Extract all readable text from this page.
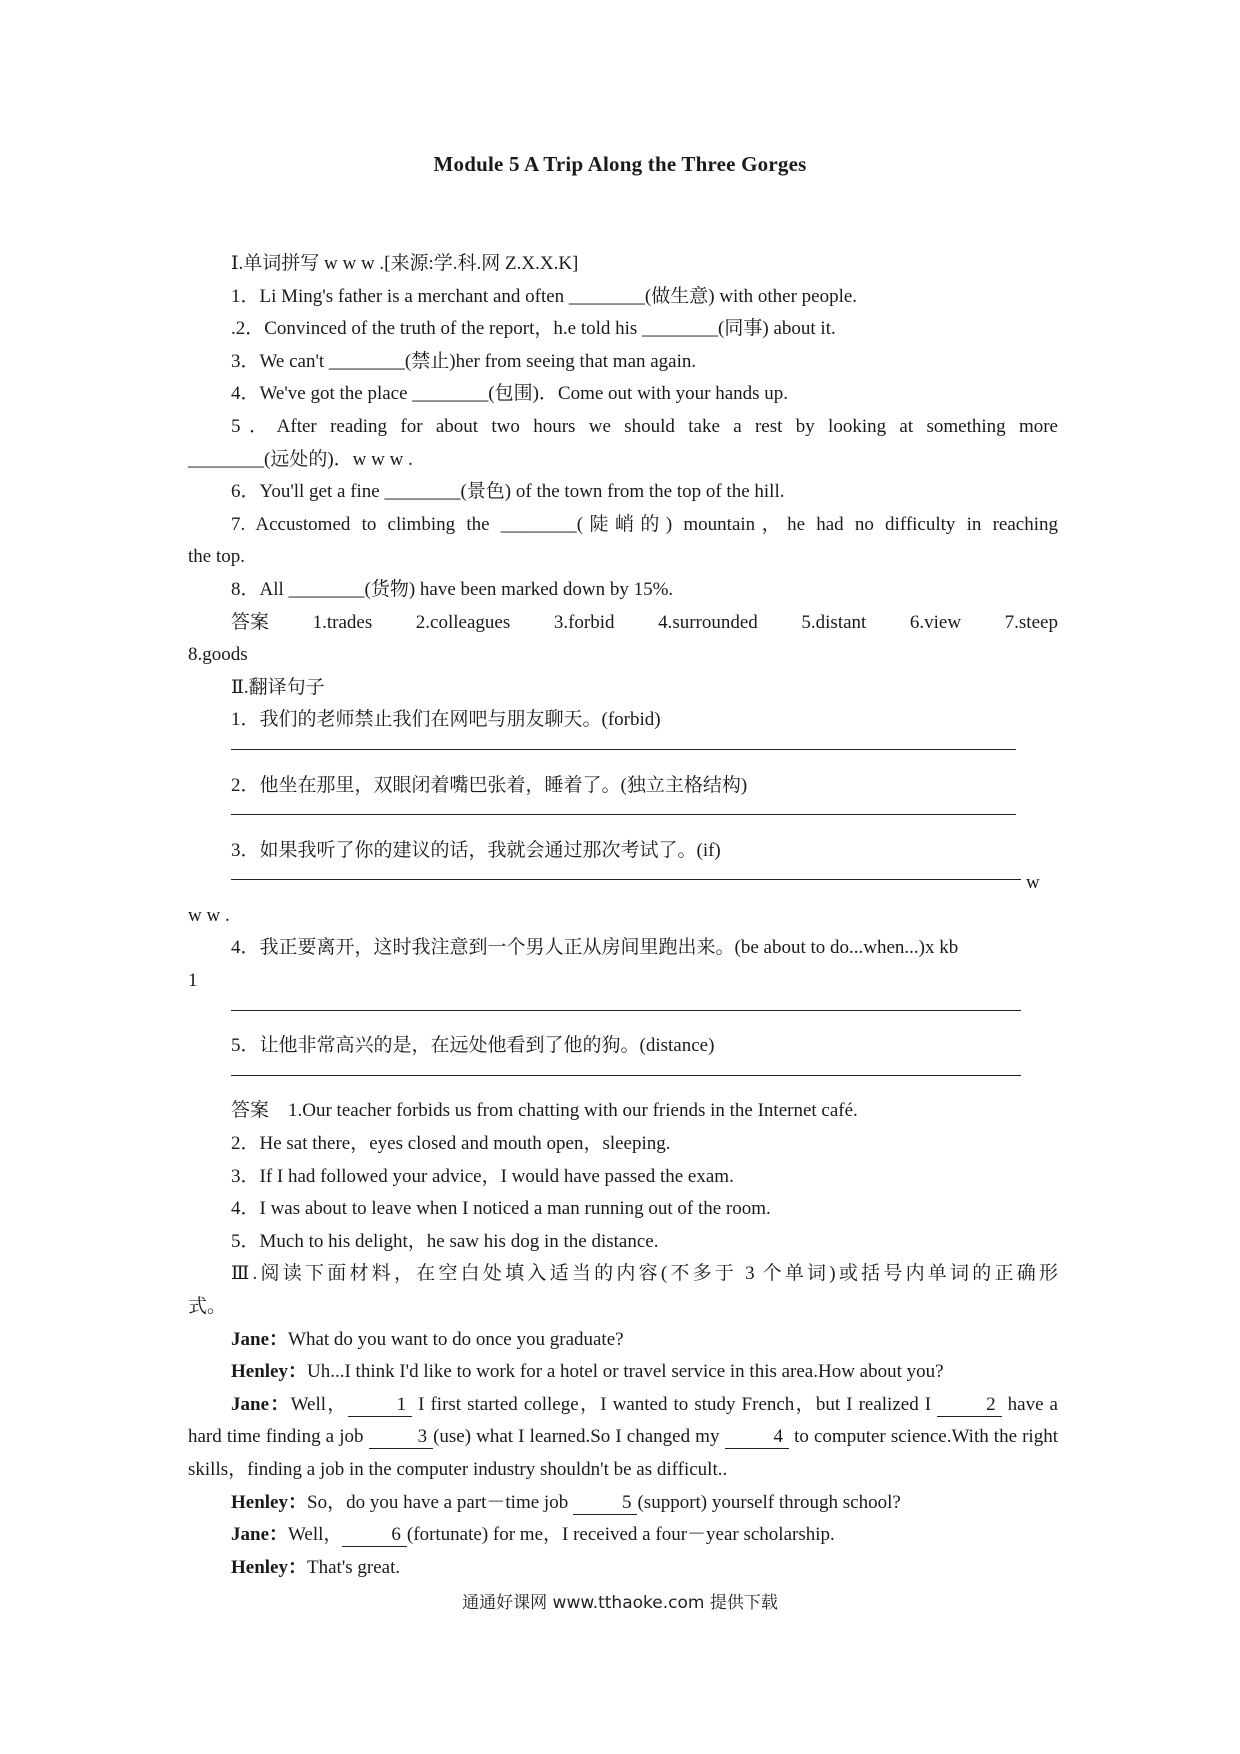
Module 5 A Trip Along the Three Gorges

Ⅰ.单词拼写 w w w .[来源:学.科.网 Z.X.X.K]

1．Li Ming's father is a merchant and often ________(做生意) with other people.

.2．Convinced of the truth of the report，h.e told his ________(同事) about it.

3．We can't ________(禁止)her from seeing that man again.

4．We've got the place ________(包围)．Come out with your hands up.

5．After reading for about two hours we should take a rest by looking at something more

________(远处的)．w w w .

6．You'll get a fine ________(景色) of the town from the top of the hill.

7. Accustomed to climbing the ________(陡峭的) mountain，he had no difficulty in reaching

the top.

8．All ________(货物) have been marked down by 15%.

答案 1.trades 2.colleagues 3.forbid 4.surrounded 5.distant 6.view 7.steep

8.goods

Ⅱ.翻译句子

1．我们的老师禁止我们在网吧与朋友聊天。(forbid)

2．他坐在那里，双眼闭着嘴巴张着，睡着了。(独立主格结构)

3．如果我听了你的建议的话，我就会通过那次考试了。(if)

w

w w .

4．我正要离开，这时我注意到一个男人正从房间里跑出来。(be about to do...when...)x kb

1

5．让他非常高兴的是，在远处他看到了他的狗。(distance)

答案　1.Our teacher forbids us from chatting with our friends in the Internet café.

2．He sat there，eyes closed and mouth open，sleeping.

3．If I had followed your advice，I would have passed the exam.

4．I was about to leave when I noticed a man running out of the room.

5．Much to his delight，he saw his dog in the distance.

Ⅲ.阅读下面材料，在空白处填入适当的内容(不多于 3 个单词)或括号内单词的正确形

式。

Jane：What do you want to do once you graduate?

Henley：Uh...I think I'd like to work for a hotel or travel service in this area.How about you?

Jane：Well，	1 I first started college，I wanted to study French，but I realized I	2 have a hard time finding a job	3 (use) what I learned.So I changed my	4 to computer science.With the right skills，finding a job in the computer industry shouldn't be as difficult..

Henley：So，do you have a part－time job	5 (support) yourself through school?

Jane：Well，	6 (fortunate) for me，I received a four－year scholarship.

Henley：That's great.

通通好课网 www.tthaoke.com 提供下载
